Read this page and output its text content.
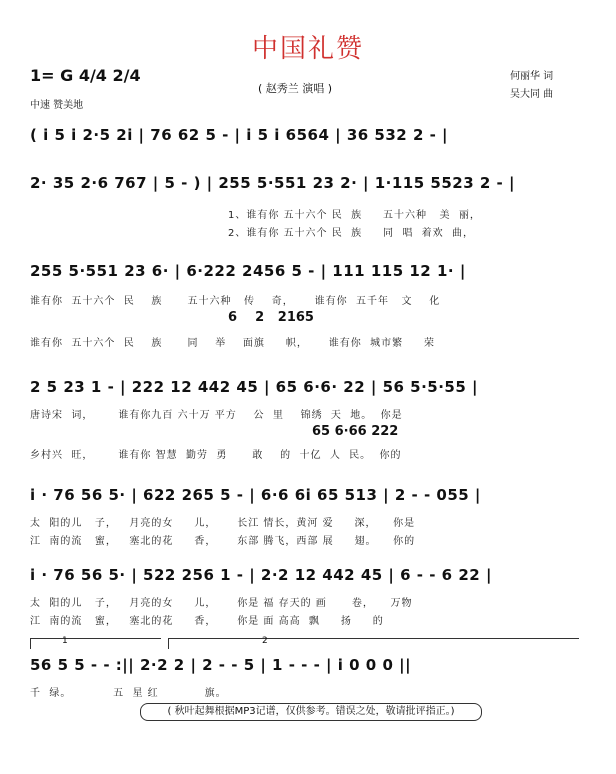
中国礼赞
1= G 4/4 2/4
中速 赞美地
( 赵秀兰 演唱 )
何丽华 词
吴大同 曲
( i 5 i 2·5 2i | 76 62 5 - | i 5 i 6564 | 36 532 2 - |
2· 35 2·6 767 | 5 - ) | 255 5·551 23 2· | 1·115 5523 2 - |
1、谁有你 五十六个 民  族     五十六种   美  丽，
2、谁有你 五十六个 民  族     同  唱  着欢  曲，
255 5·551 23 6· | 6·222 2456 5 - | 111 115 12 1· |
谁有你  五十六个  民    族      五十六种   传    奇，     谁有你  五千年   文    化
6    2   2165
谁有你  五十六个  民    族      同    举    面旗     帜，     谁有你  城市繁     荣
2 5 23 1 - | 222 12 442 45 | 65 6·6· 22 | 56 5·5·55 |
唐诗宋  词，      谁有你九百 六十万 平方    公  里    锦绣  天  地。  你是
65 6·66 222
乡村兴  旺，      谁有你 智慧  勤劳  勇      敢    的  十亿  人  民。  你的
i · 76 56 5· | 622 265 5 - | 6·6 6i 65 513 | 2 - - 055 |
太  阳的儿   子，   月亮的女     儿，     长江 情长，黄河 爱     深，    你是
江  南的流   蜜，   塞北的花     香，     东部 腾飞，西部 展     翅。    你的
i · 76 56 5· | 522 256 1 - | 2·2 12 442 45 | 6 - - 6 22 |
太  阳的儿   子，   月亮的女     儿，     你是 福 存天的 画      卷，    万物
江  南的流   蜜，   塞北的花     香，     你是 面 高高  飘     扬     的
1	2
56 5 5 - - :|| 2·2 2 | 2 - - 5 | 1 - - - | i 0 0 0 ||
千  绿。          五  星 红           旗。
( 秋叶起舞根据MP3记谱，仅供参考。错误之处，敬请批评指正。)
